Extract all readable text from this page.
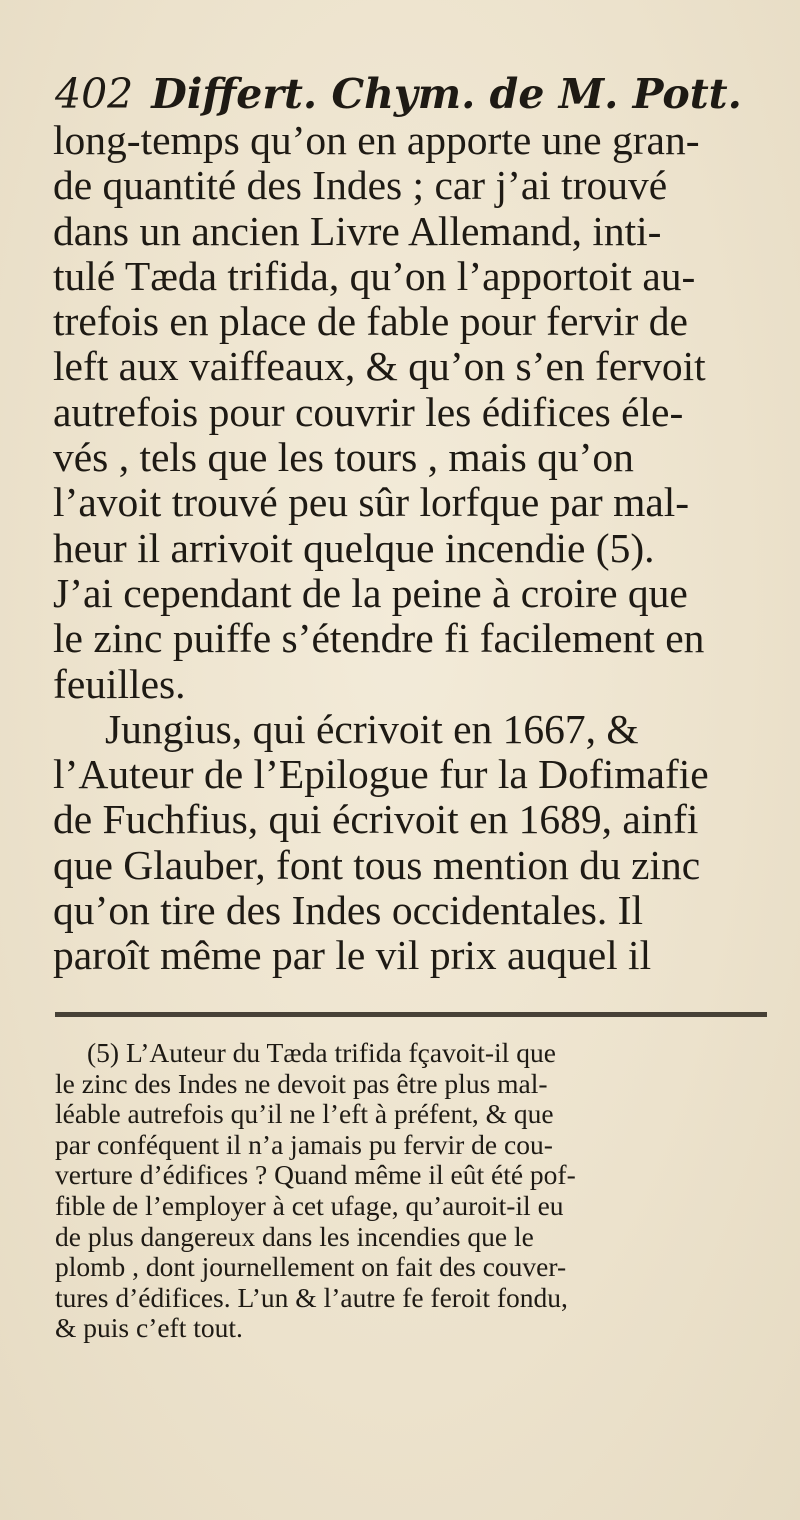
402 Differt. Chym. de M. Pott.
long-temps qu’on en apporte une gran-
de quantité des Indes ; car j’ai trouvé
dans un ancien Livre Allemand, inti-
tulé Tæda trifida, qu’on l’apportoit au-
trefois en place de fable pour fervir de
left aux vaiffeaux, & qu’on s’en fervoit
autrefois pour couvrir les édifices éle-
vés , tels que les tours , mais qu’on
l’avoit trouvé peu sûr lorfque par mal-
heur il arrivoit quelque incendie (5).
J’ai cependant de la peine à croire que
le zinc puiffe s’étendre fi facilement en
feuilles.
Jungius, qui écrivoit en 1667, &
l’Auteur de l’Epilogue fur la Dofimafie
de Fuchfius, qui écrivoit en 1689, ainfi
que Glauber, font tous mention du zinc
qu’on tire des Indes occidentales. Il
paroît même par le vil prix auquel il
(5) L’Auteur du Tæda trifida fçavoit-il que
le zinc des Indes ne devoit pas être plus mal-
léable autrefois qu’il ne l’eft à préfent, & que
par conféquent il n’a jamais pu fervir de cou-
verture d’édifices ? Quand même il eût été pof-
fible de l’employer à cet ufage, qu’auroit-il eu
de plus dangereux dans les incendies que le
plomb , dont journellement on fait des couver-
tures d’édifices. L’un & l’autre fe feroit fondu,
& puis c’eft tout.
